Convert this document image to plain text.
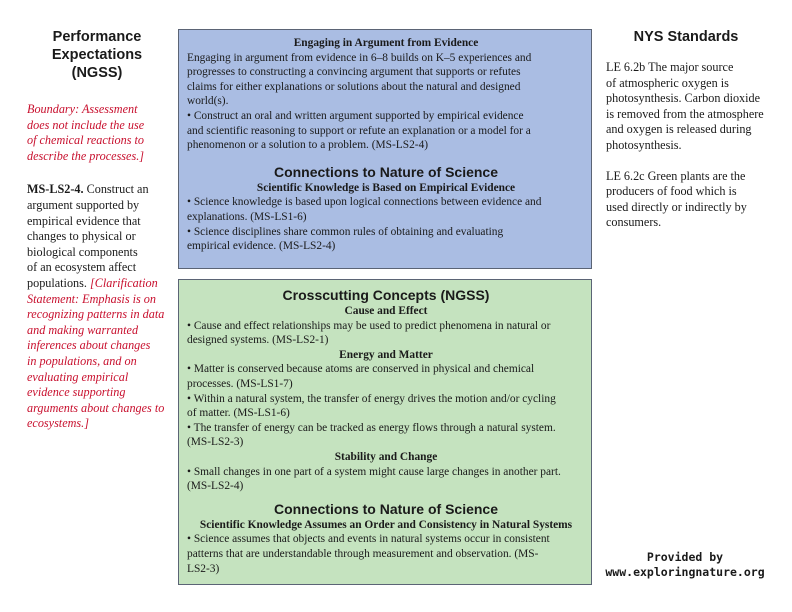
Performance
Expectations
(NGSS)

Boundary: Assessment
does not include the use
of chemical reactions to
describe the processes.]

MS-LS2-4. Construct an
argument supported by
empirical evidence that
changes to physical or
biological components
of an ecosystem affect
populations. [Clarification
Statement: Emphasis is on
recognizing patterns in data
and making warranted
inferences about changes
in populations, and on
evaluating empirical
evidence supporting
arguments about changes to
ecosystems.]

Engaging in Argument from Evidence

Engaging in argument from evidence in 6–8 builds on K–5 experiences and
progresses to constructing a convincing argument that supports or refutes
claims for either explanations or solutions about the natural and designed
world(s).

• Construct an oral and written argument supported by empirical evidence
and scientific reasoning to support or refute an explanation or a model for a
phenomenon or a solution to a problem. (MS-LS2-4)

Connections to Nature of Science
Scientific Knowledge is Based on Empirical Evidence

• Science knowledge is based upon logical connections between evidence and
explanations. (MS-LS1-6)
• Science disciplines share common rules of obtaining and evaluating
empirical evidence. (MS-LS2-4)

Crosscutting Concepts (NGSS)
Cause and Effect

• Cause and effect relationships may be used to predict phenomena in natural or
designed systems. (MS-LS2-1)

Energy and Matter

• Matter is conserved because atoms are conserved in physical and chemical
processes. (MS-LS1-7)
• Within a natural system, the transfer of energy drives the motion and/or cycling
of matter. (MS-LS1-6)
• The transfer of energy can be tracked as energy flows through a natural system.
(MS-LS2-3)

Stability and Change

• Small changes in one part of a system might cause large changes in another part.
(MS-LS2-4)

Connections to Nature of Science
Scientific Knowledge Assumes an Order and Consistency in Natural Systems

• Science assumes that objects and events in natural systems occur in consistent
patterns that are understandable through measurement and observation. (MS-
LS2-3)

NYS Standards

LE 6.2b The major source
of atmospheric oxygen is
photosynthesis. Carbon dioxide
is removed from the atmosphere
and oxygen is released during
photosynthesis.

LE 6.2c Green plants are the
producers of food which is
used directly or indirectly by
consumers.

Provided by
www.exploringnature.org
